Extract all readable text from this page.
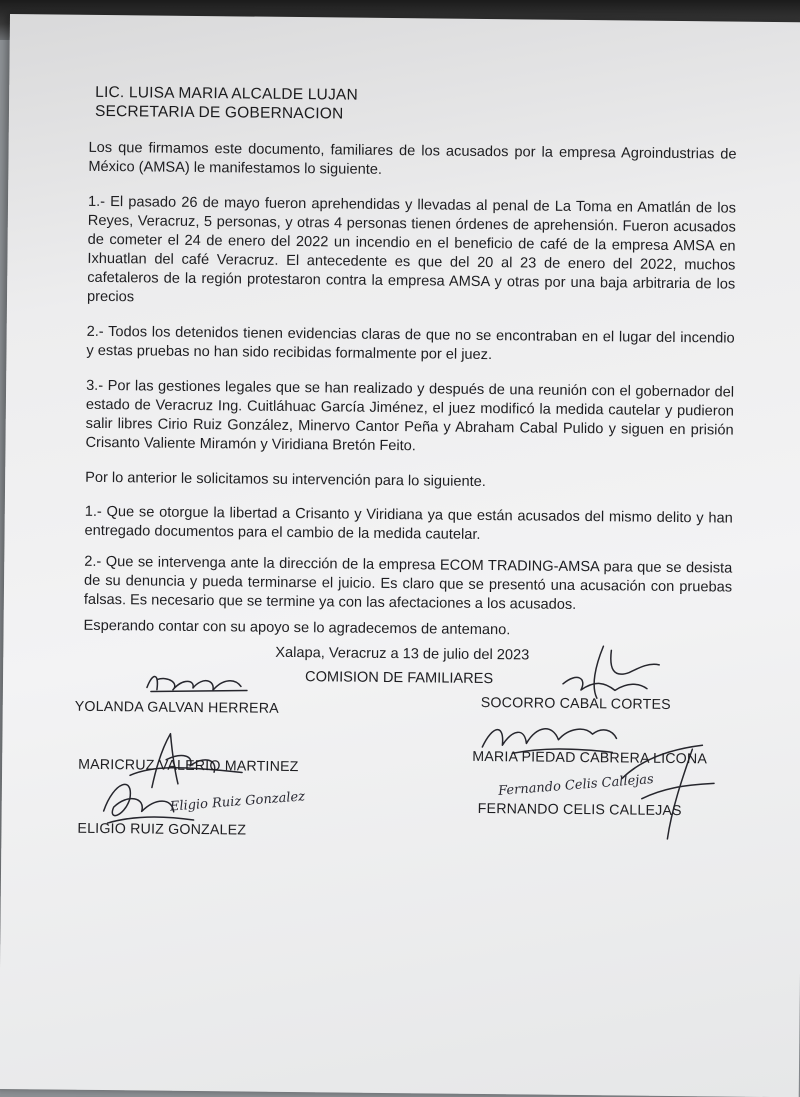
LIC. LUISA MARIA ALCALDE LUJAN
SECRETARIA DE GOBERNACION
Los que firmamos este documento, familiares de los acusados por la empresa Agroindustrias de México (AMSA) le manifestamos lo siguiente.
1.- El pasado 26 de mayo fueron aprehendidas y llevadas al penal de La Toma en Amatlán de los Reyes, Veracruz, 5 personas, y otras 4 personas tienen órdenes de aprehensión. Fueron acusados de cometer el 24 de enero del 2022 un incendio en el beneficio de café de la empresa AMSA en Ixhuatlan del café Veracruz. El antecedente es que del 20 al 23 de enero del 2022, muchos cafetaleros de la región protestaron contra la empresa AMSA y otras por una baja arbitraria de los precios
2.- Todos los detenidos tienen evidencias claras de que no se encontraban en el lugar del incendio y estas pruebas no han sido recibidas formalmente por el juez.
3.- Por las gestiones legales que se han realizado y después de una reunión con el gobernador del estado de Veracruz Ing. Cuitláhuac García Jiménez, el juez modificó la medida cautelar y pudieron salir libres Cirio Ruiz González, Minervo Cantor Peña y Abraham Cabal Pulido y siguen en prisión Crisanto Valiente Miramón y Viridiana Bretón Feito.
Por lo anterior le solicitamos su intervención para lo siguiente.
1.- Que se otorgue la libertad a Crisanto y Viridiana ya que están acusados del mismo delito y han entregado documentos para el cambio de la medida cautelar.
2.- Que se intervenga ante la dirección de la empresa ECOM TRADING-AMSA para que se desista de su denuncia y pueda terminarse el juicio. Es claro que se presentó una acusación con pruebas falsas. Es necesario que se termine ya con las afectaciones a los acusados.
Esperando contar con su apoyo se lo agradecemos de antemano.
Xalapa, Veracruz a 13 de julio del 2023
COMISION DE FAMILIARES
YOLANDA GALVAN HERRERA	SOCORRO CABAL CORTES
MARICRUZ VALERIO MARTINEZ	MARIA PIEDAD CABRERA LICONA
Fernando Celis Callejas
Eligio Ruiz Gonzalez
ELIGIO RUIZ GONZALEZ
FERNANDO CELIS CALLEJAS
